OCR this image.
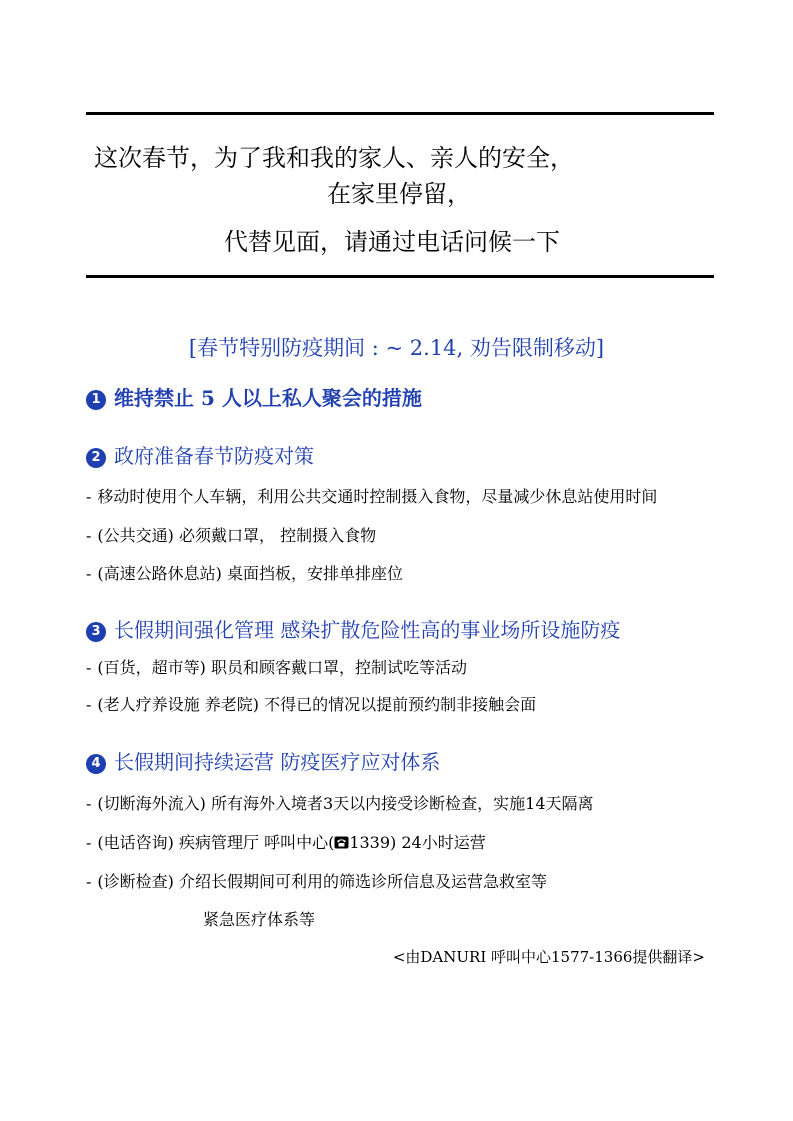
这次春节，为了我和我的家人、亲人的安全，
在家里停留，
代替见面，请通过电话问候一下
[春节特别防疫期间 : ~ 2.14, 劝告限制移动]
1 维持禁止 5 人以上私人聚会的措施
2 政府准备春节防疫对策
- 移动时使用个人车辆，利用公共交通时控制摄入食物，尽量减少休息站使用时间
- (公共交通) 必须戴口罩， 控制摄入食物
- (高速公路休息站) 桌面挡板，安排单排座位
3 长假期间强化管理 感染扩散危险性高的事业场所设施防疫
- (百货，超市等) 职员和顾客戴口罩，控制试吃等活动
- (老人疗养设施 养老院) 不得已的情况以提前预约制非接触会面
4 长假期间持续运营 防疫医疗应对体系
- (切断海外流入) 所有海外入境者3天以内接受诊断检查，实施14天隔离
- (电话咨询) 疾病管理厅 呼叫中心( 1339) 24小时运营
- (诊断检查) 介绍长假期间可利用的筛选诊所信息及运营急救室等
紧急医疗体系等
<由DANURI 呼叫中心1577-1366提供翻译>
